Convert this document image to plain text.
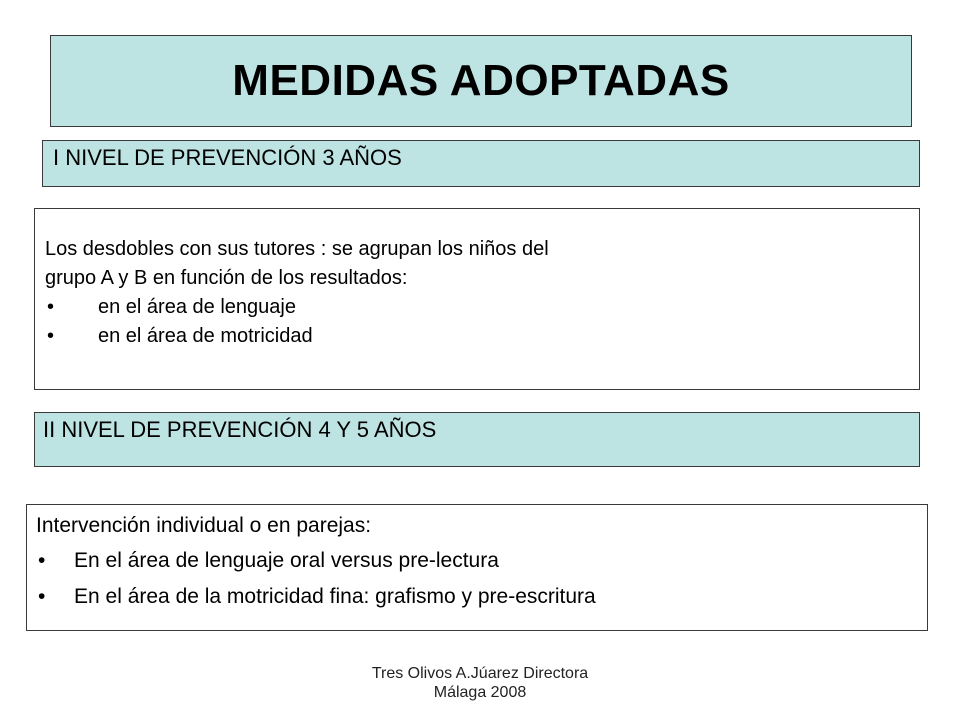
MEDIDAS ADOPTADAS
I NIVEL DE PREVENCIÓN 3 AÑOS
Los desdobles con sus tutores : se agrupan los niños del
grupo A y B en función de los resultados:
• en el área de lenguaje
• en el área de motricidad
II NIVEL DE PREVENCIÓN 4 Y 5 AÑOS
Intervención individual o en parejas:
• En el área de lenguaje oral versus pre-lectura
• En el área de la motricidad fina: grafismo y pre-escritura
Tres Olivos A.Júarez Directora
Málaga 2008
